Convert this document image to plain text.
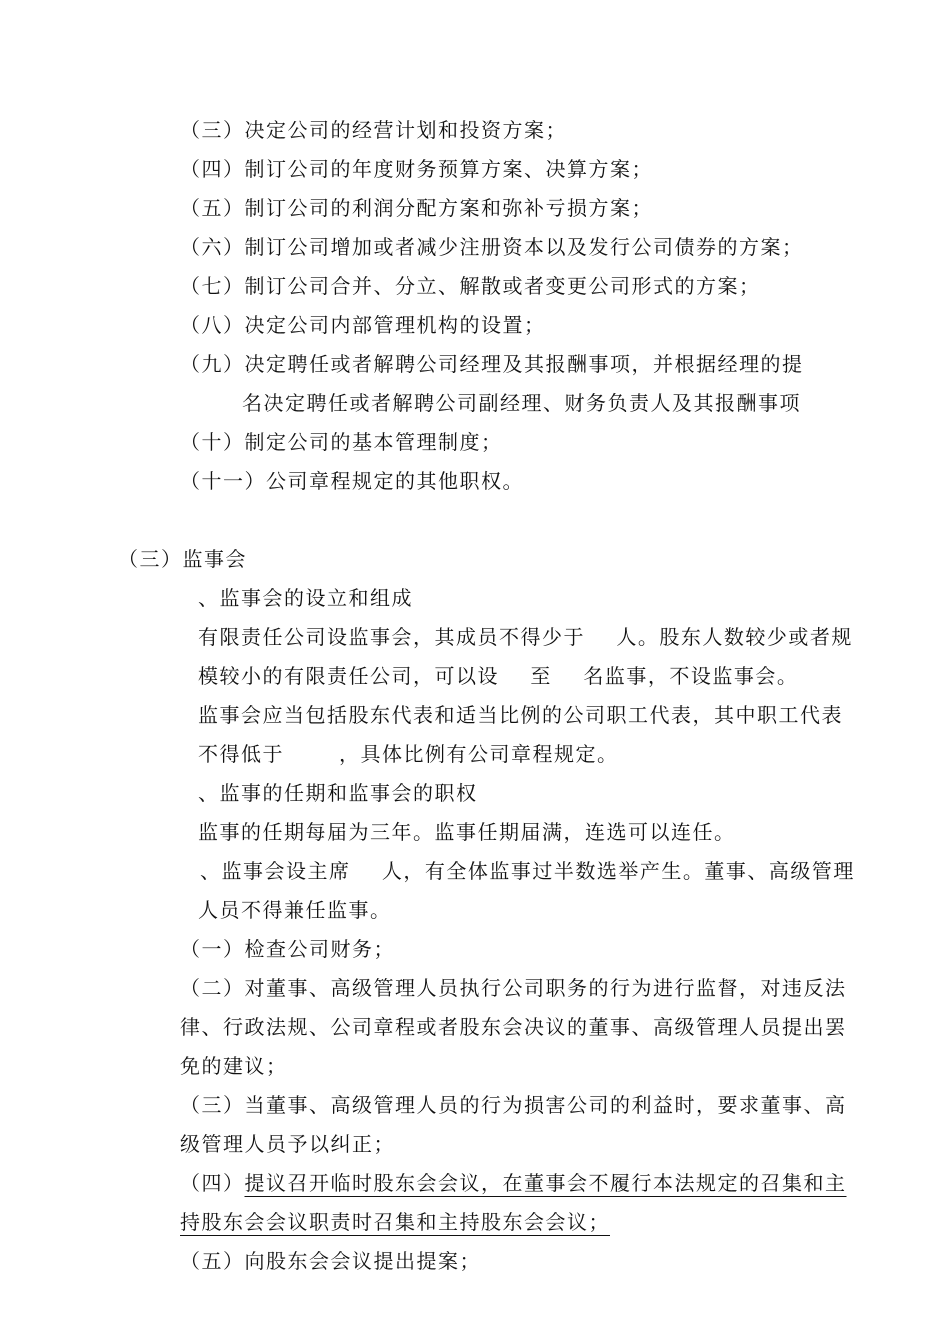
（三）决定公司的经营计划和投资方案；
（四）制订公司的年度财务预算方案、决算方案；
（五）制订公司的利润分配方案和弥补亏损方案；
（六）制订公司增加或者减少注册资本以及发行公司债券的方案；
（七）制订公司合并、分立、解散或者变更公司形式的方案；
（八）决定公司内部管理机构的设置；
（九）决定聘任或者解聘公司经理及其报酬事项，并根据经理的提
名决定聘任或者解聘公司副经理、财务负责人及其报酬事项
（十）制定公司的基本管理制度；
（十一）公司章程规定的其他职权。
（三）监事会
、监事会的设立和组成
有限责任公司设监事会，其成员不得少于    人。股东人数较少或者规
模较小的有限责任公司，可以设    至    名监事，不设监事会。
监事会应当包括股东代表和适当比例的公司职工代表，其中职工代表
不得低于       ，具体比例有公司章程规定。
、监事的任期和监事会的职权
监事的任期每届为三年。监事任期届满，连选可以连任。
、监事会设主席    人，有全体监事过半数选举产生。董事、高级管理
人员不得兼任监事。
（一）检查公司财务；
（二）对董事、高级管理人员执行公司职务的行为进行监督，对违反法
律、行政法规、公司章程或者股东会决议的董事、高级管理人员提出罢
免的建议；
（三）当董事、高级管理人员的行为损害公司的利益时，要求董事、高
级管理人员予以纠正；
（四）提议召开临时股东会会议，在董事会不履行本法规定的召集和主
持股东会会议职责时召集和主持股东会会议；
（五）向股东会会议提出提案；
